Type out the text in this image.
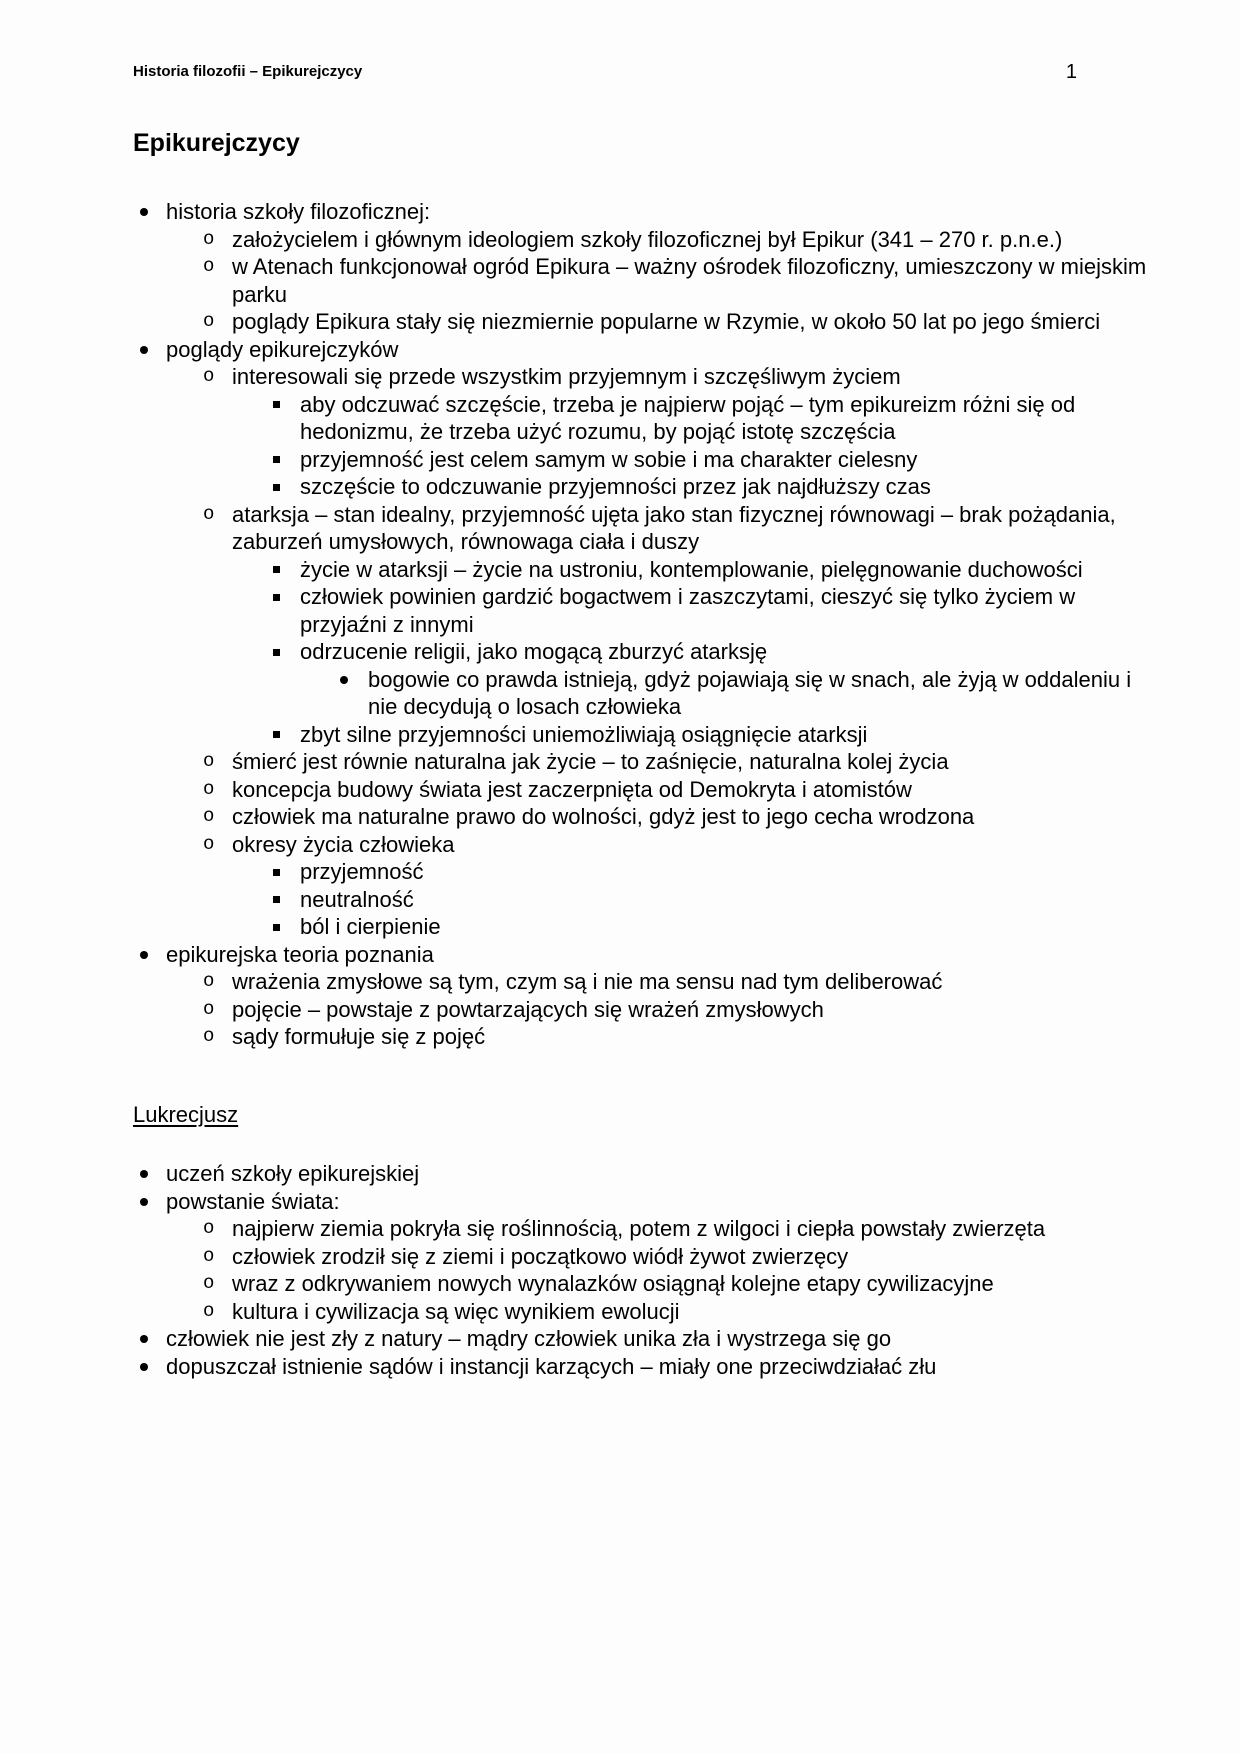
Historia filozofii – Epikurejczycy	1
Epikurejczycy
historia szkoły filozoficznej:
o założycielem i głównym ideologiem szkoły filozoficznej był Epikur (341 – 270 r. p.n.e.)
o w Atenach funkcjonował ogród Epikura – ważny ośrodek filozoficzny, umieszczony w miejskim parku
o poglądy Epikura stały się niezmiernie popularne w Rzymie, w około 50 lat po jego śmierci
poglądy epikurejczyków
o interesowali się przede wszystkim przyjemnym i szczęśliwym życiem
aby odczuwać szczęście, trzeba je najpierw pojąć – tym epikureizm różni się od hedonizmu, że trzeba użyć rozumu, by pojąć istotę szczęścia
przyjemność jest celem samym w sobie i ma charakter cielesny
szczęście to odczuwanie przyjemności przez jak najdłuższy czas
o atarksja – stan idealny, przyjemność ujęta jako stan fizycznej równowagi – brak pożądania, zaburzeń umysłowych, równowaga ciała i duszy
życie w atarksji – życie na ustroniu, kontemplowanie, pielęgnowanie duchowości
człowiek powinien gardzić bogactwem i zaszczytami, cieszyć się tylko życiem w przyjaźni z innymi
odrzucenie religii, jako mogącą zburzyć atarksję
bogowie co prawda istnieją, gdyż pojawiają się w snach, ale żyją w oddaleniu i nie decydują o losach człowieka
zbyt silne przyjemności uniemożliwiają osiągnięcie atarksji
o śmierć jest równie naturalna jak życie – to zaśnięcie, naturalna kolej życia
o koncepcja budowy świata jest zaczerpnięta od Demokryta i atomistów
o człowiek ma naturalne prawo do wolności, gdyż jest to jego cecha wrodzona
o okresy życia człowieka
przyjemność
neutralność
ból i cierpienie
epikurejska teoria poznania
o wrażenia zmysłowe są tym, czym są i nie ma sensu nad tym deliberować
o pojęcie – powstaje z powtarzających się wrażeń zmysłowych
o sądy formułuje się z pojęć
Lukrecjusz
uczeń szkoły epikurejskiej
powstanie świata:
o najpierw ziemia pokryła się roślinnością, potem z wilgoci i ciepła powstały zwierzęta
o człowiek zrodził się z ziemi i początkowo wiódł żywot zwierzęcy
o wraz z odkrywaniem nowych wynalazków osiągnął kolejne etapy cywilizacyjne
o kultura i cywilizacja są więc wynikiem ewolucji
człowiek nie jest zły z natury – mądry człowiek unika zła i wystrzega się go
dopuszczał istnienie sądów i instancji karzących – miały one przeciwdziałać złu
